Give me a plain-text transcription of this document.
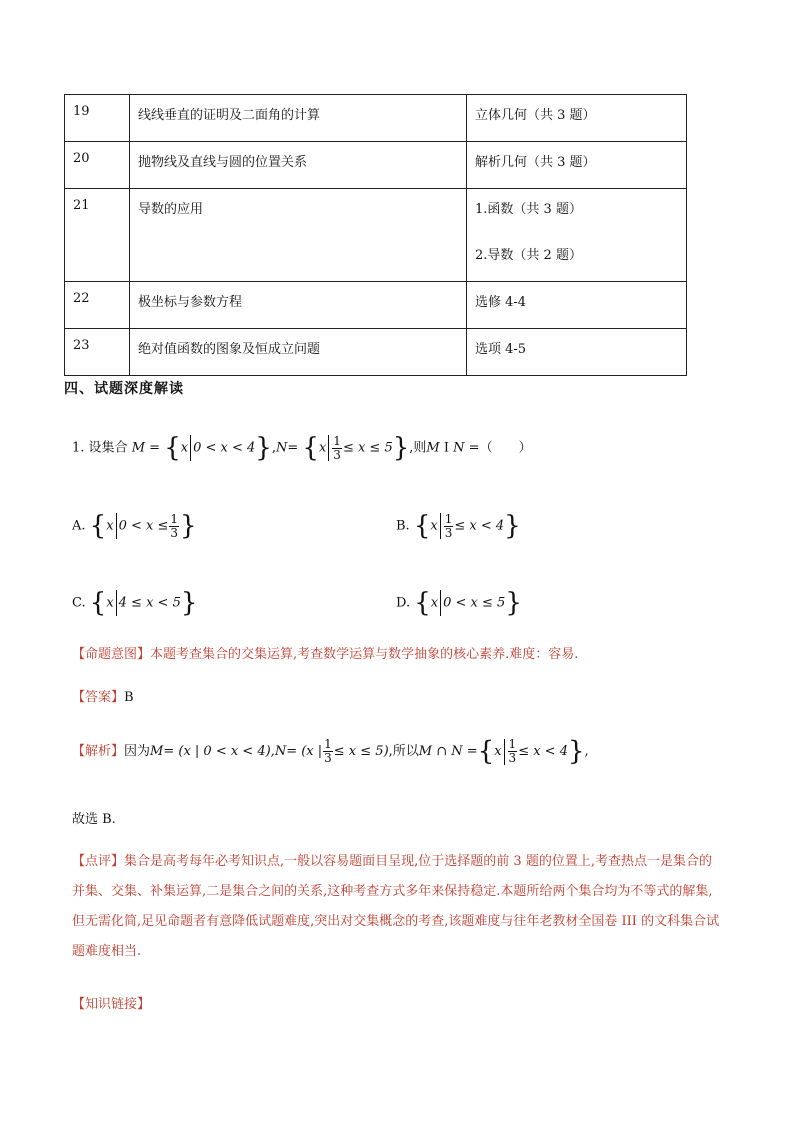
19	线线垂直的证明及二面角的计算	立体几何（共 3 题）

20	抛物线及直线与圆的位置关系	解析几何（共 3 题）

21	导数的应用	1.函数（共 3 题）
2.导数（共 2 题）

22	极坐标与参数方程	选修 4-4

23	绝对值函数的图象及恒成立问题	选项 4-5
四、试题深度解读
1. 设集合 M = {x $0 < x < 4\},N= \{x \frac{1}{3} \le x \le 5\}$,则M I N =（　　）
A. {x $0 < x \le \frac{1}{3}$ }	B. $\{x \frac{1}{3} \le x < 4\}$
C. {x 4 ≤ x < 5}	D. {x 0 < x ≤ 5}
【命题意图】本题考查集合的交集运算,考查数学运算与数学抽象的核心素养.难度：容易.
【答案】B
【解析】因为M= (x | 0 < x < 4),N= (x | $\frac{1}{3} \le x \le 5$),所以M ∩ $N =\{x \frac{1}{3} \le x < 4\}$,
故选 B.
【点评】集合是高考每年必考知识点,一般以容易题面目呈现,位于选择题的前 3 题的位置上,考查热点一是集合的并集、交集、补集运算,二是集合之间的关系,这种考查方式多年来保持稳定.本题所给两个集合均为不等式的解集,但无需化简,足见命题者有意降低试题难度,突出对交集概念的考查,该题难度与往年老教材全国卷 III 的文科集合试题难度相当.
【知识链接】
